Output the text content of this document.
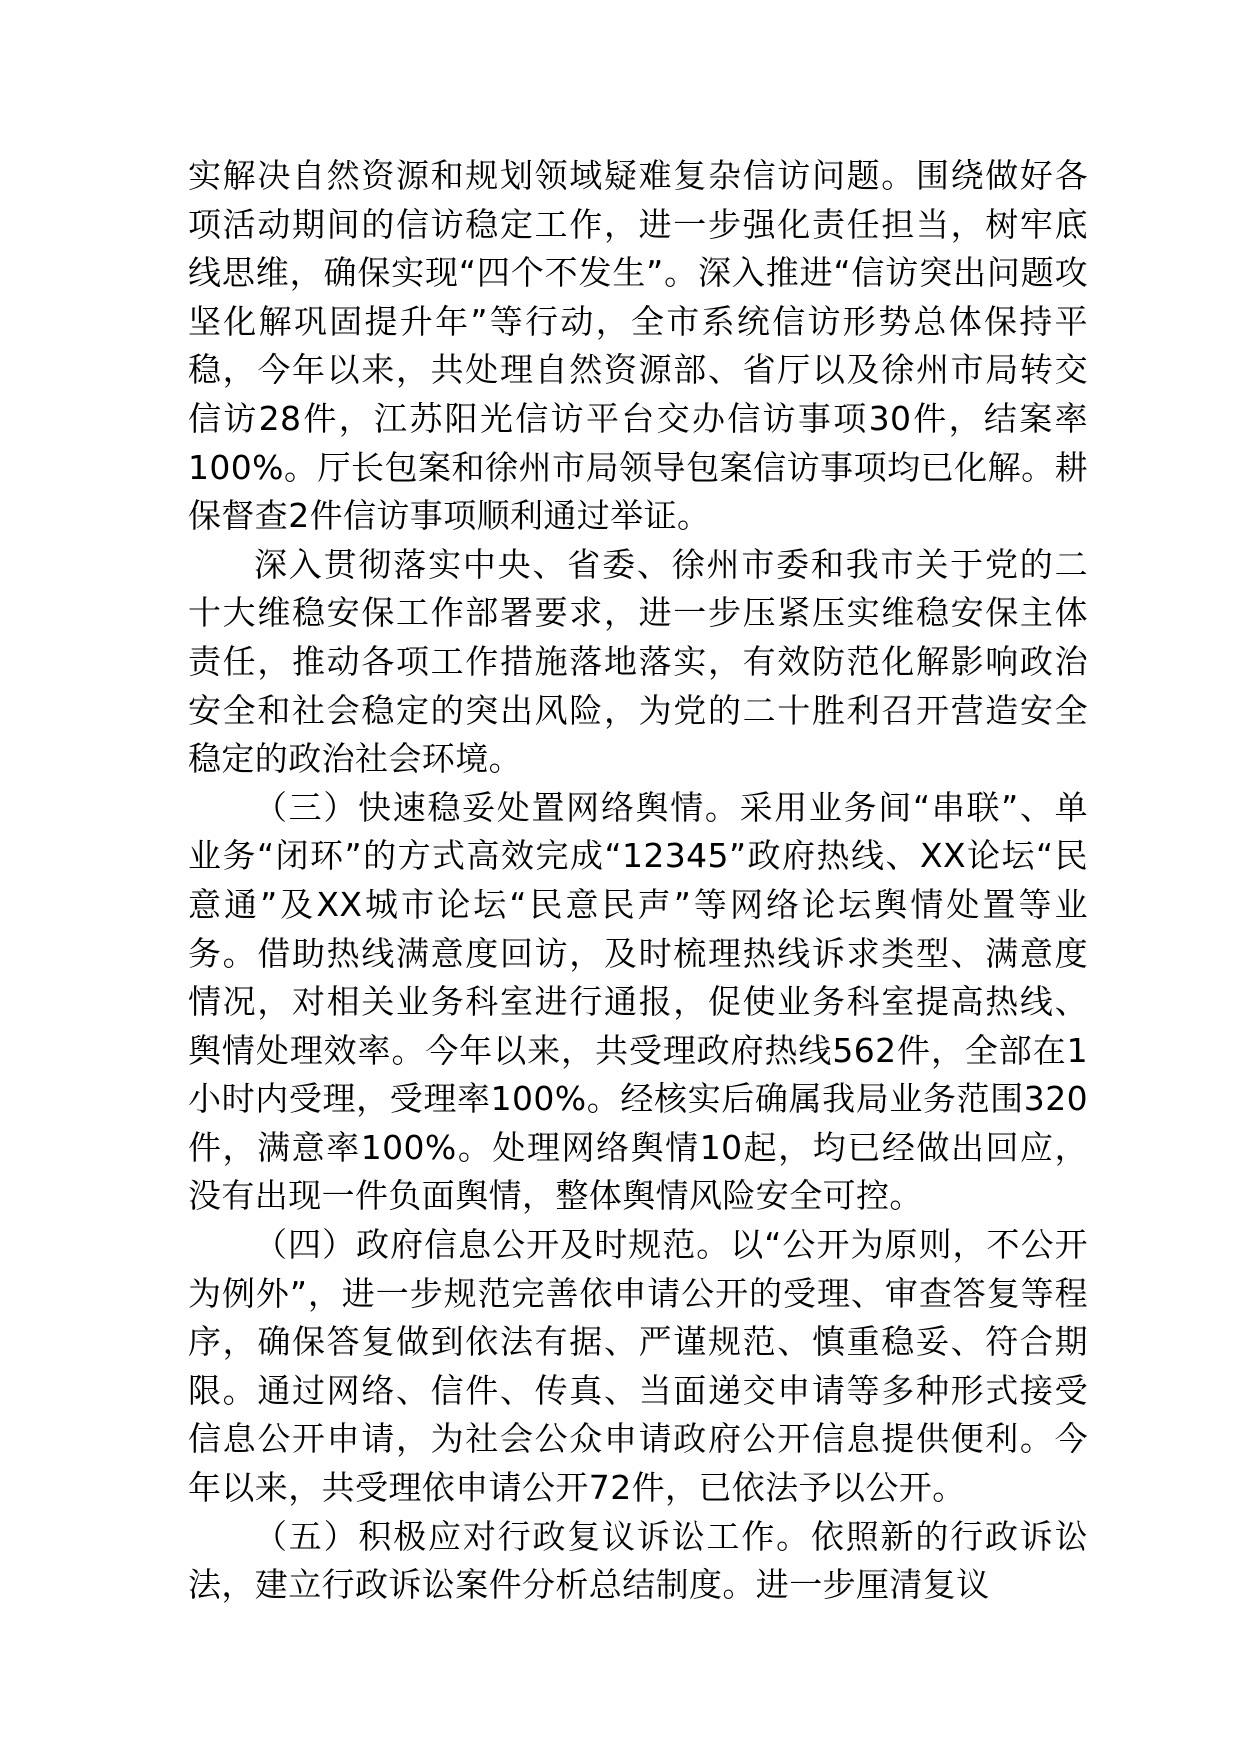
实解决自然资源和规划领域疑难复杂信访问题。围绕做好各项活动期间的信访稳定工作，进一步强化责任担当，树牢底线思维，确保实现“四个不发生”。深入推进“信访突出问题攻坚化解巩固提升年”等行动，全市系统信访形势总体保持平稳，今年以来，共处理自然资源部、省厅以及徐州市局转交信访28件，江苏阳光信访平台交办信访事项30件，结案率100%。厅长包案和徐州市局领导包案信访事项均已化解。耕保督查2件信访事项顺利通过举证。

深入贯彻落实中央、省委、徐州市委和我市关于党的二十大维稳安保工作部署要求，进一步压紧压实维稳安保主体责任，推动各项工作措施落地落实，有效防范化解影响政治安全和社会稳定的突出风险，为党的二十胜利召开营造安全稳定的政治社会环境。

（三）快速稳妥处置网络舆情。采用业务间“串联”、单业务“闭环”的方式高效完成“12345”政府热线、XX论坛“民意通”及XX城市论坛“民意民声”等网络论坛舆情处置等业务。借助热线满意度回访，及时梳理热线诉求类型、满意度情况，对相关业务科室进行通报，促使业务科室提高热线、舆情处理效率。今年以来，共受理政府热线562件，全部在1小时内受理，受理率100%。经核实后确属我局业务范围320件，满意率100%。处理网络舆情10起，均已经做出回应，没有出现一件负面舆情，整体舆情风险安全可控。

（四）政府信息公开及时规范。以“公开为原则，不公开为例外”，进一步规范完善依申请公开的受理、审查答复等程序，确保答复做到依法有据、严谨规范、慎重稳妥、符合期限。通过网络、信件、传真、当面递交申请等多种形式接受信息公开申请，为社会公众申请政府公开信息提供便利。今年以来，共受理依申请公开72件，已依法予以公开。

（五）积极应对行政复议诉讼工作。依照新的行政诉讼法，建立行政诉讼案件分析总结制度。进一步厘清复议
